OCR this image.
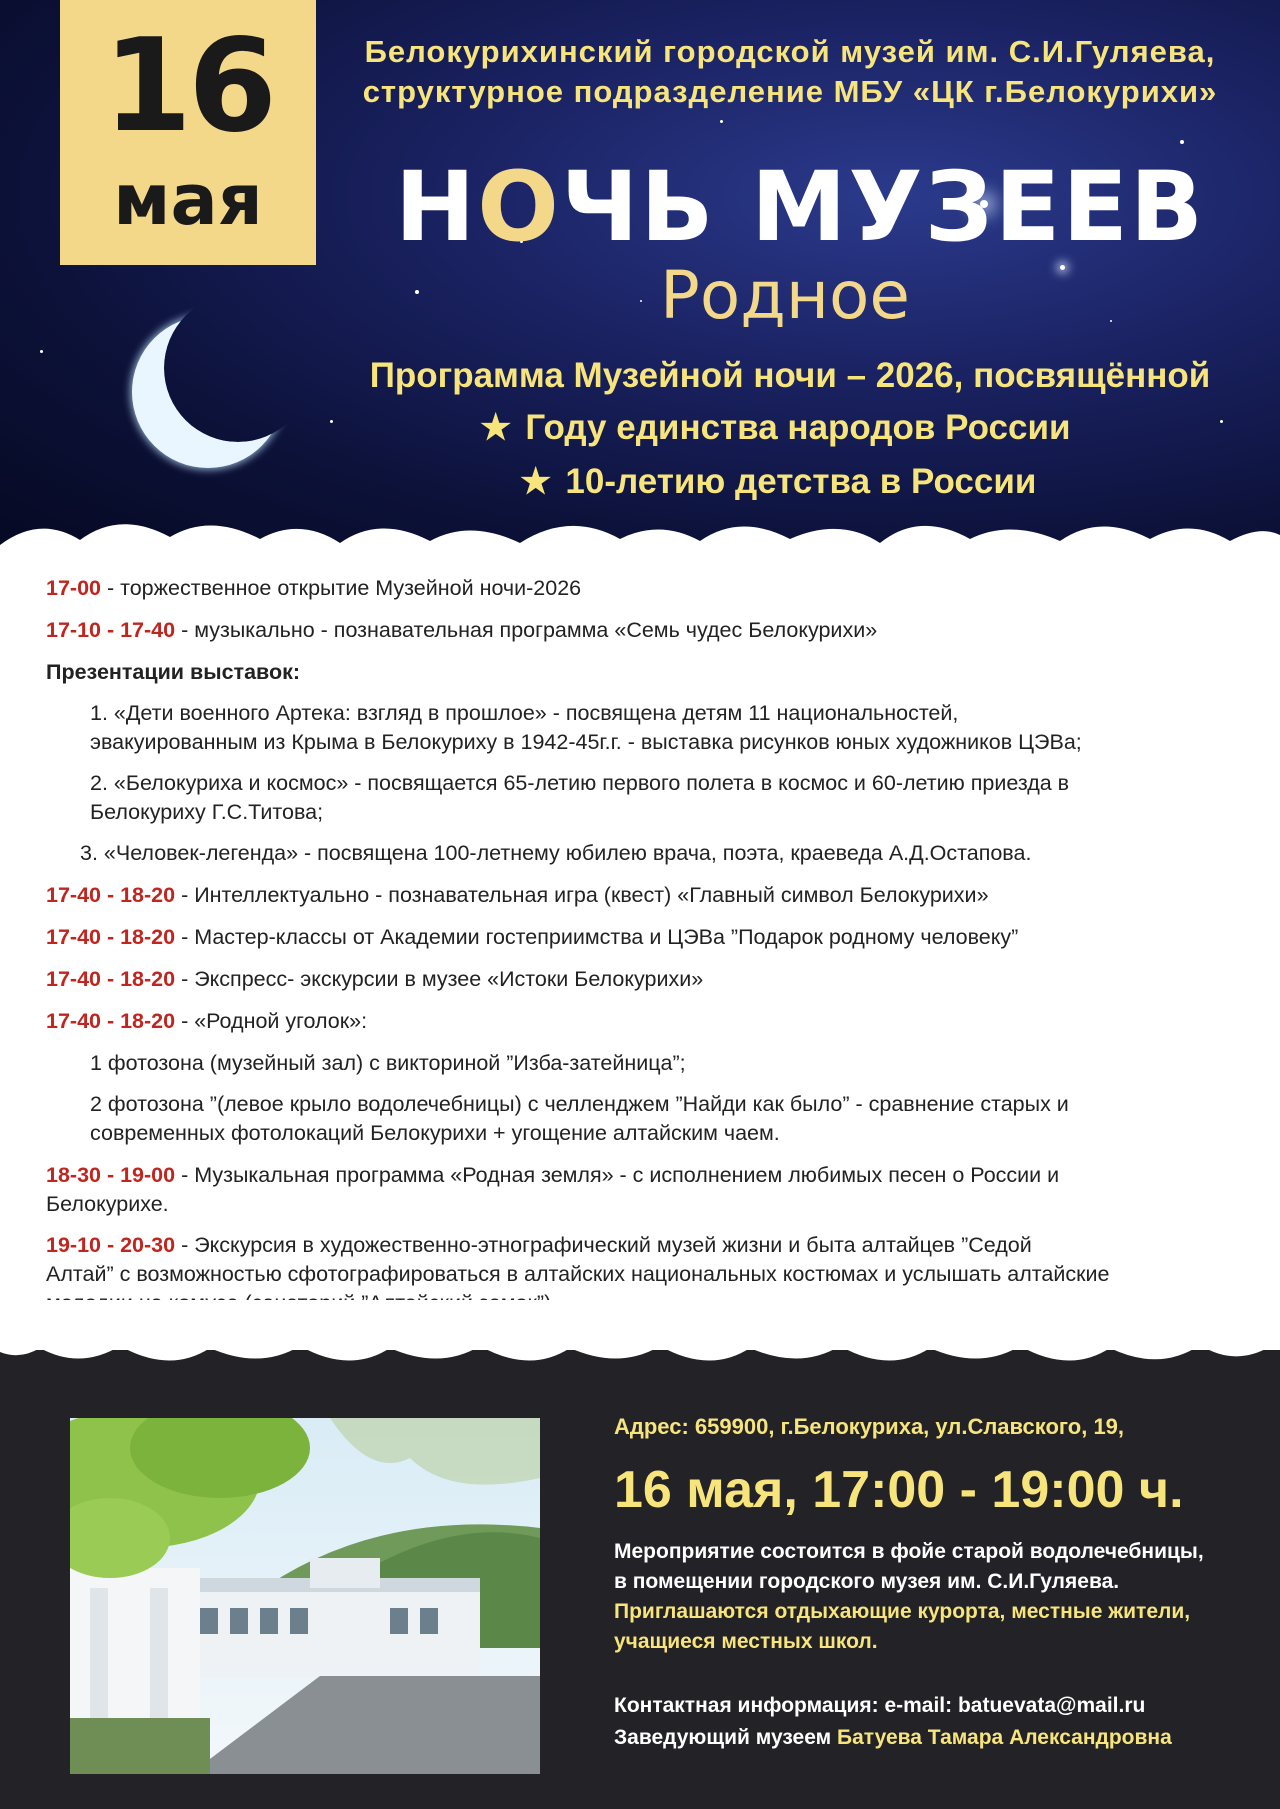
16
мая
Белокурихинский городской музей им. С.И.Гуляева,
структурное подразделение МБУ «ЦК г.Белокурихи»
НОЧЬ МУЗЕЕВ
Родное
Программа Музейной ночи – 2026, посвящённой
★ Году единства народов России
★ 10-летию детства в России
17-00 - торжественное открытие Музейной ночи-2026
17-10 - 17-40 - музыкально - познавательная программа «Семь чудес Белокурихи»
Презентации выставок:
1. «Дети военного Артека: взгляд в прошлое» - посвящена детям 11 национальностей,
эвакуированным из Крыма в Белокуриху в 1942-45г.г. - выставка рисунков юных художников ЦЭВа;
2. «Белокуриха и космос» - посвящается 65-летию первого полета в космос и 60-летию приезда в
Белокуриху Г.С.Титова;
3. «Человек-легенда» - посвящена 100-летнему юбилею врача, поэта, краеведа А.Д.Остапова.
17-40 - 18-20 - Интеллектуально - познавательная игра (квест) «Главный символ Белокурихи»
17-40 - 18-20 - Мастер-классы от Академии гостеприимства и ЦЭВа ”Подарок родному человеку”
17-40 - 18-20 - Экспресс- экскурсии в музее «Истоки Белокурихи»
17-40 - 18-20 - «Родной уголок»:
1 фотозона (музейный зал) с викториной ”Изба-затейница”;
2 фотозона ”(левое крыло водолечебницы) с челленджем ”Найди как было” - сравнение старых и
современных фотолокаций Белокурихи + угощение алтайским чаем.
18-30 - 19-00 - Музыкальная программа «Родная земля» - с исполнением любимых песен о России и
Белокурихе.
19-10 - 20-30 - Экскурсия в художественно-этнографический музей жизни и быта алтайцев ”Седой
Алтай” с возможностью сфотографироваться в алтайских национальных костюмах и услышать алтайские
Адрес: 659900, г.Белокуриха, ул.Славского, 19,
16 мая, 17:00 - 19:00 ч.
Мероприятие состоится в фойе старой водолечебницы,
в помещении городского музея им. С.И.Гуляева.
Приглашаются отдыхающие курорта, местные жители,
учащиеся местных школ.
Контактная информация: e-mail: batuevata@mail.ru
Заведующий музеем Батуева Тамара Александровна
